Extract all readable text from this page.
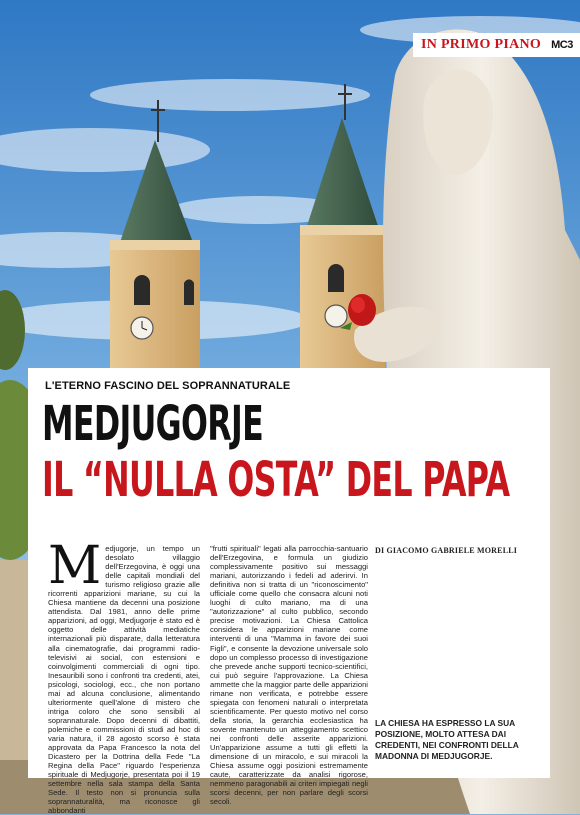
IN PRIMO PIANO MC3
L'ETERNO FASCINO DEL SOPRANNATURALE
MEDJUGORJE
IL “NULLA OSTA” DEL PAPA
Medjugorje, un tempo un desolato villaggio dell'Erzegovina, è oggi una delle capitali mondiali del turismo religioso grazie alle ricorrenti apparizioni mariane, su cui la Chiesa mantiene da decenni una posizione attendista. Dal 1981, anno delle prime apparizioni, ad oggi, Medjugorje è stato ed è oggetto delle attività mediatiche internazionali più disparate, dalla letteratura alla cinematografie, dai programmi radio-televisivi ai social, con estensioni e coinvolgimenti commerciali di ogni tipo. Inesauribili sono i confronti tra credenti, atei, psicologi, sociologi, ecc., che non portano mai ad alcuna conclusione, alimentando ulteriormente quell'alone di mistero che intriga coloro che sono sensibili al soprannaturale. Dopo decenni di dibattiti, polemiche e commissioni di studi ad hoc di varia natura, il 28 agosto scorso è stata approvata da Papa Francesco la nota del Dicastero per la Dottrina della Fede "La Regina della Pace" riguardo l'esperienza spirituale di Medjugorje, presentata poi il 19 settembre nella sala stampa della Santa Sede. Il testo non si pronuncia sulla soprannaturalità, ma riconosce gli abbondanti
"frutti spirituali" legati alla parrocchia-santuario dell'Erzegovina, e formula un giudizio complessivamente positivo sui messaggi mariani, autorizzando i fedeli ad aderirvi. In definitiva non si tratta di un "riconoscimento" ufficiale come quello che consacra alcuni noti luoghi di culto mariano, ma di una "autorizzazione" al culto pubblico, secondo precise motivazioni. La Chiesa Cattolica considera le apparizioni mariane come interventi di una "Mamma in favore dei suoi Figli", e consente la devozione universale solo dopo un complesso processo di investigazione che prevede anche supporti tecnico-scientifici, cui può seguire l'approvazione. La Chiesa ammette che la maggior parte delle apparizioni rimane non verificata, e potrebbe essere spiegata con fenomeni naturali o interpretata scientificamente. Per questo motivo nel corso della storia, la gerarchia ecclesiastica ha sovente mantenuto un atteggiamento scettico nei confronti delle asserite apparizioni. Un'apparizione assume a tutti gli effetti la dimensione di un miracolo, e sui miracoli la Chiesa assume oggi posizioni estremamente caute, caratterizzate da analisi rigorose, nemmeno paragonabili ai criteri impiegati negli scorsi decenni, per non parlare degli scorsi secoli.
DI GIACOMO GABRIELE MORELLI
LA CHIESA HA ESPRESSO LA SUA POSIZIONE, MOLTO ATTESA DAI CREDENTI, NEI CONFRONTI DELLA MADONNA DI MEDJUGORJE.
